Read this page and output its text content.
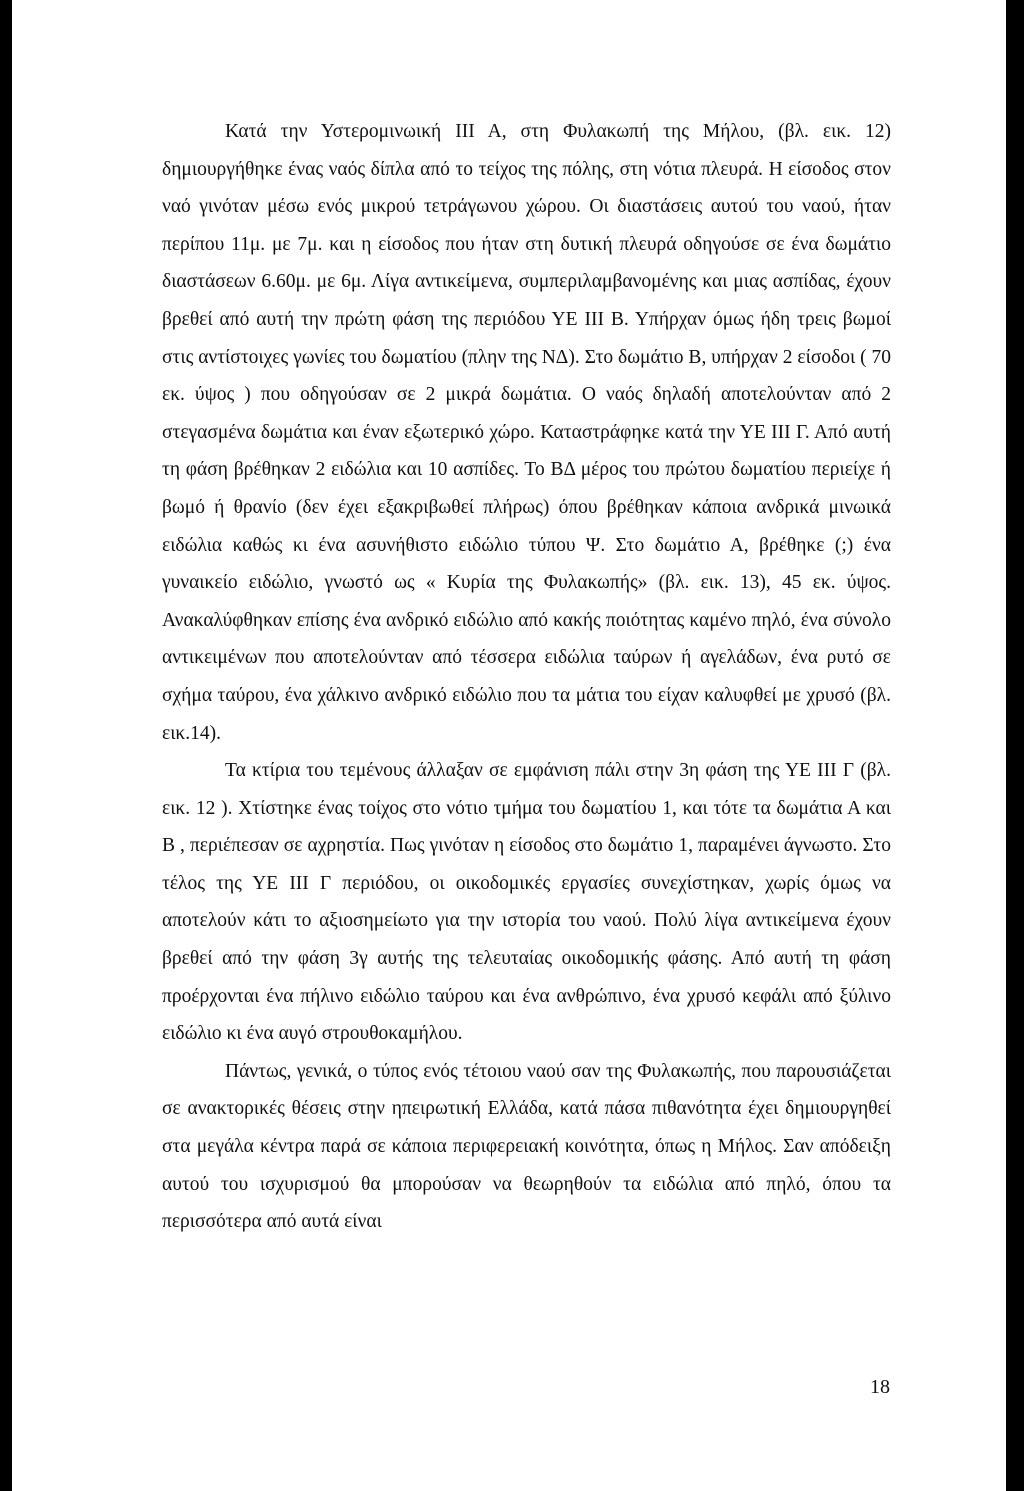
Κατά την Υστερομινωική ΙΙΙ Α, στη Φυλακωπή της Μήλου, (βλ. εικ. 12) δημιουργήθηκε ένας ναός δίπλα από το τείχος της πόλης, στη νότια πλευρά. Η είσοδος στον ναό γινόταν μέσω ενός μικρού τετράγωνου χώρου. Οι διαστάσεις αυτού του ναού, ήταν περίπου 11μ. με 7μ. και η είσοδος που ήταν στη δυτική πλευρά οδηγούσε σε ένα δωμάτιο διαστάσεων 6.60μ. με 6μ. Λίγα αντικείμενα, συμπεριλαμβανομένης και μιας ασπίδας, έχουν βρεθεί από αυτή την πρώτη φάση της περιόδου ΥΕ ΙΙΙ Β. Υπήρχαν όμως ήδη τρεις βωμοί στις αντίστοιχες γωνίες του δωματίου (πλην της ΝΔ). Στο δωμάτιο Β, υπήρχαν 2 είσοδοι ( 70 εκ. ύψος ) που οδηγούσαν σε 2 μικρά δωμάτια. Ο ναός δηλαδή αποτελούνταν από 2 στεγασμένα δωμάτια και έναν εξωτερικό χώρο. Καταστράφηκε κατά την ΥΕ ΙΙΙ Γ. Από αυτή τη φάση βρέθηκαν 2 ειδώλια και 10 ασπίδες. Το ΒΔ μέρος του πρώτου δωματίου περιείχε ή βωμό ή θρανίο (δεν έχει εξακριβωθεί πλήρως) όπου βρέθηκαν κάποια ανδρικά μινωικά ειδώλια καθώς κι ένα ασυνήθιστο ειδώλιο τύπου Ψ. Στο δωμάτιο Α, βρέθηκε (;) ένα γυναικείο ειδώλιο, γνωστό ως « Κυρία της Φυλακωπής» (βλ. εικ. 13), 45 εκ. ύψος. Ανακαλύφθηκαν επίσης ένα ανδρικό ειδώλιο από κακής ποιότητας καμένο πηλό, ένα σύνολο αντικειμένων που αποτελούνταν από τέσσερα ειδώλια ταύρων ή αγελάδων, ένα ρυτό σε σχήμα ταύρου, ένα χάλκινο ανδρικό ειδώλιο που τα μάτια του είχαν καλυφθεί με χρυσό (βλ. εικ.14).

Τα κτίρια του τεμένους άλλαξαν σε εμφάνιση πάλι στην 3η φάση της ΥΕ ΙΙΙ Γ (βλ. εικ. 12 ). Χτίστηκε ένας τοίχος στο νότιο τμήμα του δωματίου 1, και τότε τα δωμάτια Α και Β , περιέπεσαν σε αχρηστία. Πως γινόταν η είσοδος στο δωμάτιο 1, παραμένει άγνωστο. Στο τέλος της ΥΕ ΙΙΙ Γ περιόδου, οι οικοδομικές εργασίες συνεχίστηκαν, χωρίς όμως να αποτελούν κάτι το αξιοσημείωτο για την ιστορία του ναού. Πολύ λίγα αντικείμενα έχουν βρεθεί από την φάση 3γ αυτής της τελευταίας οικοδομικής φάσης. Από αυτή τη φάση προέρχονται ένα πήλινο ειδώλιο ταύρου και ένα ανθρώπινο, ένα χρυσό κεφάλι από ξύλινο ειδώλιο κι ένα αυγό στρουθοκαμήλου.

Πάντως, γενικά, ο τύπος ενός τέτοιου ναού σαν της Φυλακωπής, που παρουσιάζεται σε ανακτορικές θέσεις στην ηπειρωτική Ελλάδα, κατά πάσα πιθανότητα έχει δημιουργηθεί στα μεγάλα κέντρα παρά σε κάποια περιφερειακή κοινότητα, όπως η Μήλος. Σαν απόδειξη αυτού του ισχυρισμού θα μπορούσαν να θεωρηθούν τα ειδώλια από πηλό, όπου τα περισσότερα από αυτά είναι

18
